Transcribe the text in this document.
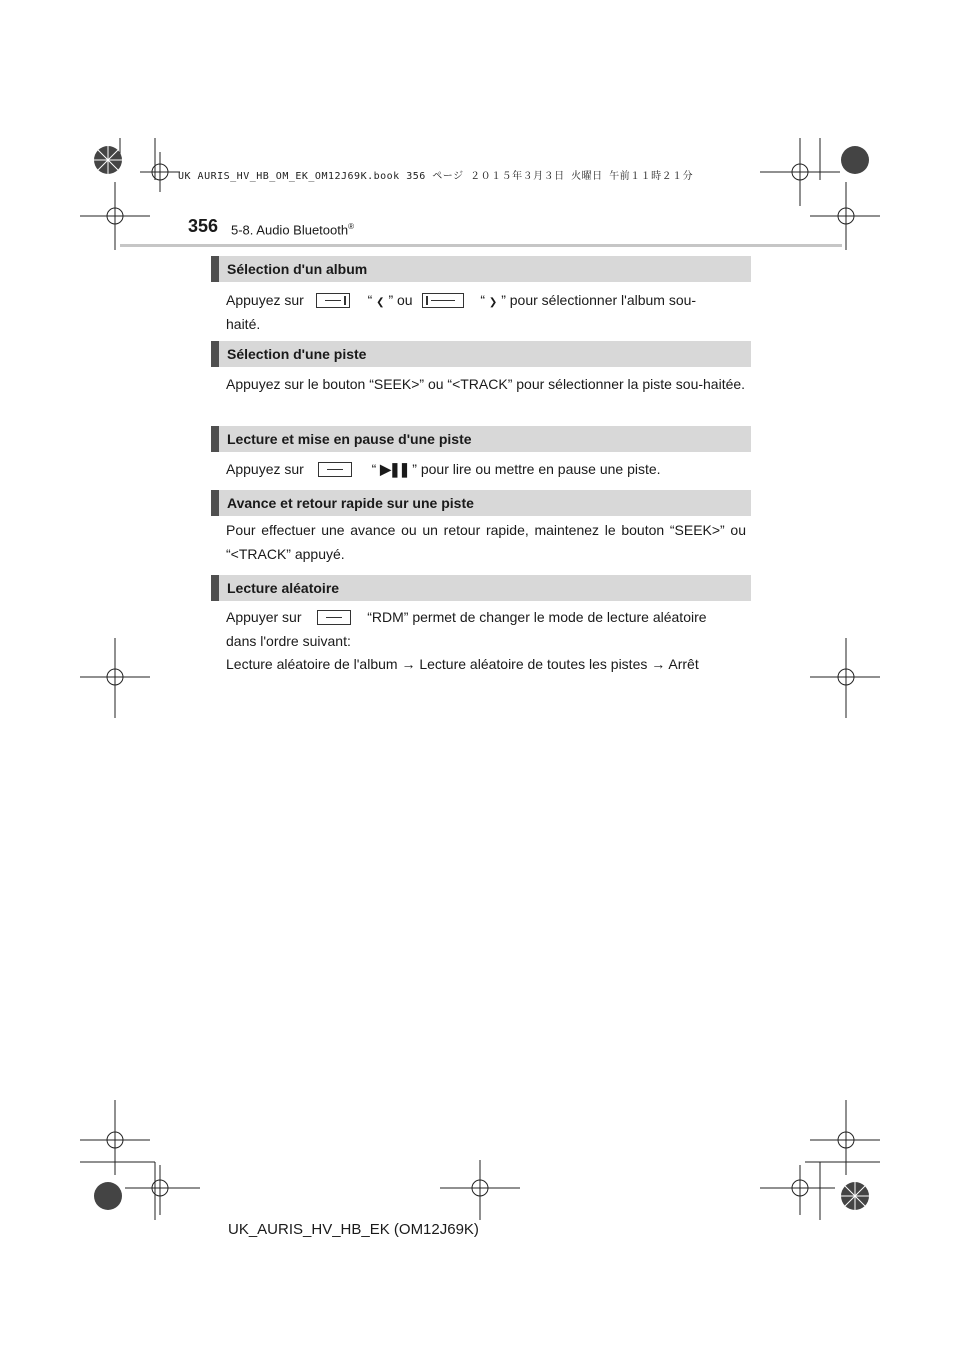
UK AURIS_HV_HB_OM_EK_OM12J69K.book 356 ページ ２０１５年３月３日 火曜日 午前１１時２１分
356 5-8. Audio Bluetooth®
Sélection d'un album
Appuyez sur	“ ❮ ” ou	“ ❯ ” pour sélectionner l'album sou-
haité.
Sélection d'une piste
Appuyez sur le bouton “SEEK>” ou “<TRACK” pour sélectionner la piste sou-haitée.
Lecture et mise en pause d'une piste
Appuyez sur	“ ▶❚❚ ” pour lire ou mettre en pause une piste.
Avance et retour rapide sur une piste
Pour effectuer une avance ou un retour rapide, maintenez le bouton “SEEK>” ou “<TRACK” appuyé.
Lecture aléatoire
Appuyer sur	“RDM” permet de changer le mode de lecture aléatoire
dans l'ordre suivant:
Lecture aléatoire de l'album → Lecture aléatoire de toutes les pistes → Arrêt
UK_AURIS_HV_HB_EK (OM12J69K)
